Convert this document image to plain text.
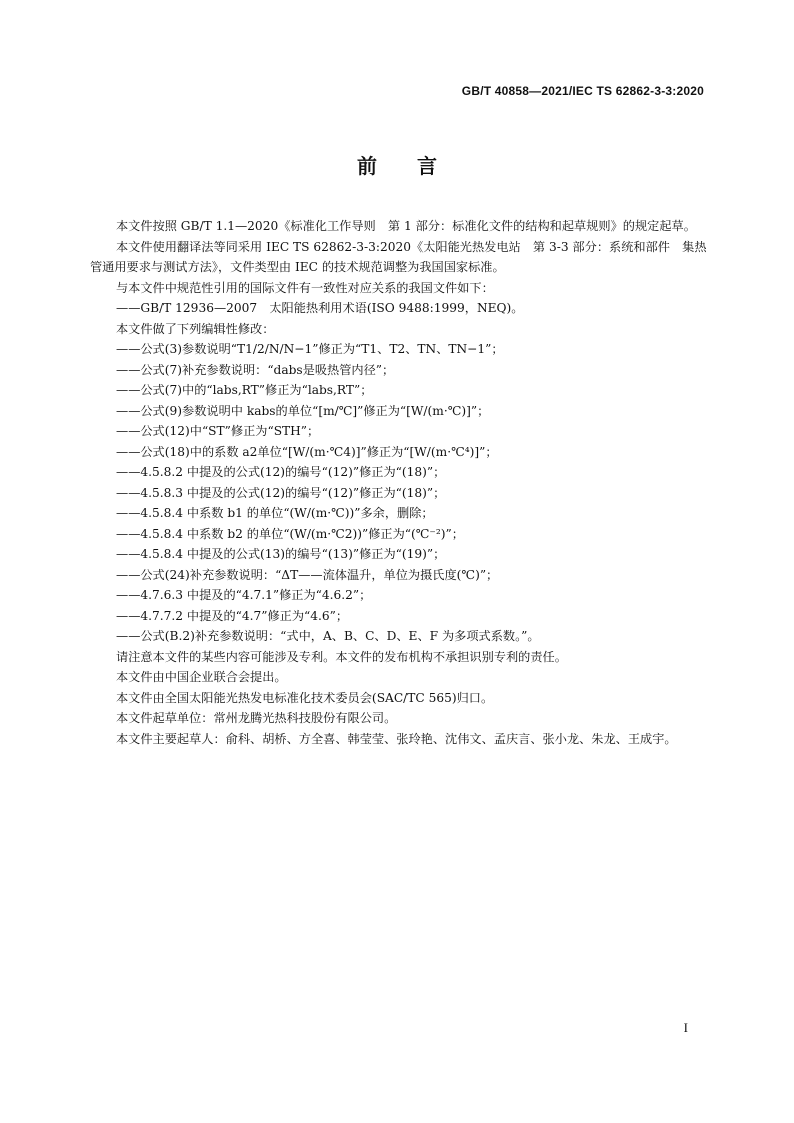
GB/T 40858—2021/IEC TS 62862-3-3:2020
前言

本文件按照 GB/T 1.1—2020《标准化工作导则　第 1 部分：标准化文件的结构和起草规则》的规定起草。

本文件使用翻译法等同采用 IEC TS 62862-3-3:2020《太阳能光热发电站　第 3-3 部分：系统和部件　集热管通用要求与测试方法》，文件类型由 IEC 的技术规范调整为我国国家标准。

与本文件中规范性引用的国际文件有一致性对应关系的我国文件如下：

——GB/T 12936—2007　太阳能热利用术语(ISO 9488:1999，NEQ)。

本文件做了下列编辑性修改：

——公式(3)参数说明“T1/2/N/N−1”修正为“T1、T2、TN、TN−1”；

——公式(7)补充参数说明：“dabs是吸热管内径”；

——公式(7)中的“labs,RT”修正为“labs,RT”；

——公式(9)参数说明中 kabs的单位“[m/℃]”修正为“[W/(m·℃)]”；

——公式(12)中“ST”修正为“STH”；

——公式(18)中的系数 a2单位“[W/(m·℃4)]”修正为“[W/(m·℃⁴)]”；

——4.5.8.2 中提及的公式(12)的编号“(12)”修正为“(18)”；

——4.5.8.3 中提及的公式(12)的编号“(12)”修正为“(18)”；

——4.5.8.4 中系数 b1 的单位“(W/(m·℃))”多余，删除；

——4.5.8.4 中系数 b2 的单位“(W/(m·℃2))”修正为“(℃⁻²)”；

——4.5.8.4 中提及的公式(13)的编号“(13)”修正为“(19)”；

——公式(24)补充参数说明：“ΔT——流体温升，单位为摄氏度(℃)”；

——4.7.6.3 中提及的“4.7.1”修正为“4.6.2”；

——4.7.7.2 中提及的“4.7”修正为“4.6”；

——公式(B.2)补充参数说明：“式中，A、B、C、D、E、F 为多项式系数。”。

请注意本文件的某些内容可能涉及专利。本文件的发布机构不承担识别专利的责任。

本文件由中国企业联合会提出。

本文件由全国太阳能光热发电标准化技术委员会(SAC/TC 565)归口。

本文件起草单位：常州龙腾光热科技股份有限公司。

本文件主要起草人：俞科、胡桥、方全喜、韩莹莹、张玲艳、沈伟文、孟庆言、张小龙、朱龙、王成宇。

I
